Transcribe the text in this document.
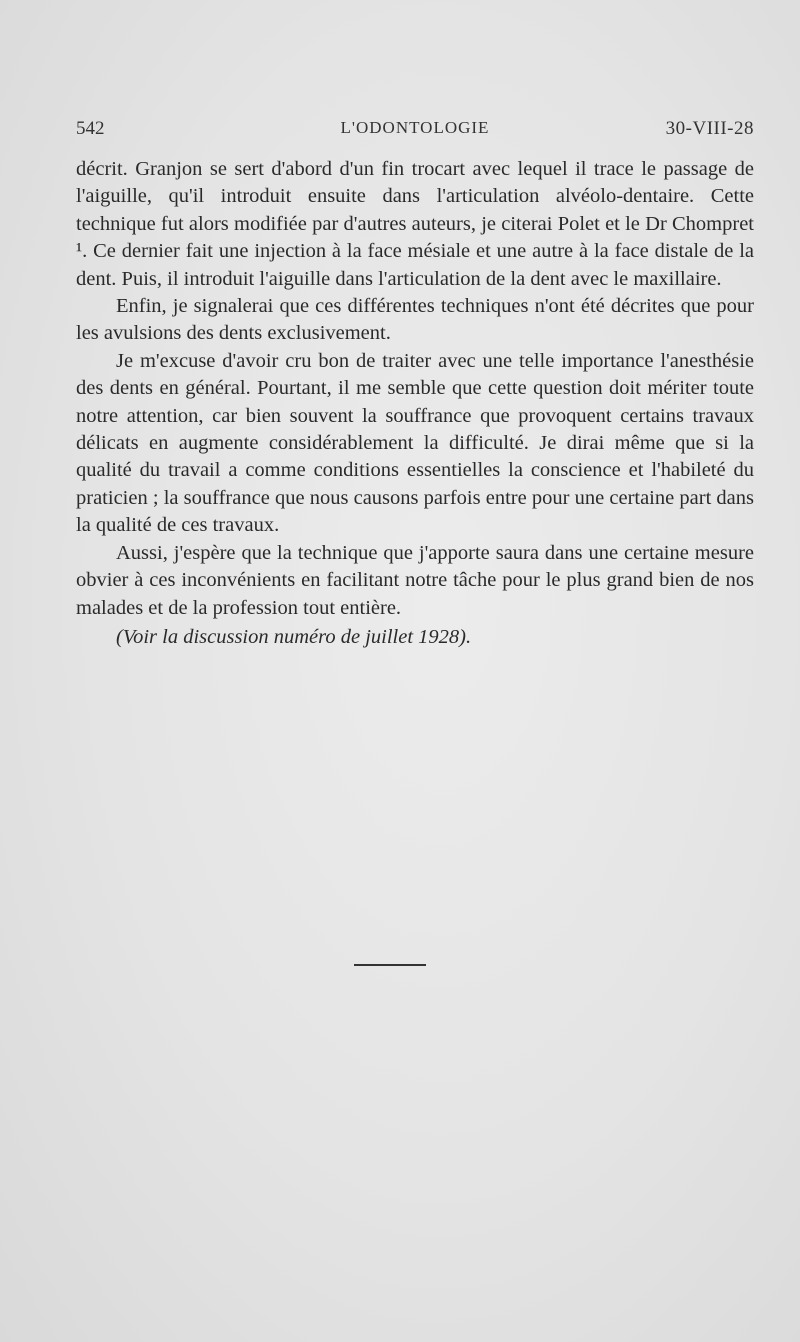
542	L'ODONTOLOGIE	30-VIII-28

décrit. Granjon se sert d'abord d'un fin trocart avec lequel il trace le passage de l'aiguille, qu'il introduit ensuite dans l'articulation alvéolo-dentaire. Cette technique fut alors modifiée par d'autres auteurs, je citerai Polet et le Dr Chompret ¹. Ce dernier fait une injection à la face mésiale et une autre à la face distale de la dent. Puis, il introduit l'aiguille dans l'articulation de la dent avec le maxillaire.

Enfin, je signalerai que ces différentes techniques n'ont été décrites que pour les avulsions des dents exclusivement.

Je m'excuse d'avoir cru bon de traiter avec une telle importance l'anesthésie des dents en général. Pourtant, il me semble que cette question doit mériter toute notre attention, car bien souvent la souffrance que provoquent certains travaux délicats en augmente considérablement la difficulté. Je dirai même que si la qualité du travail a comme conditions essentielles la conscience et l'habileté du praticien ; la souffrance que nous causons parfois entre pour une certaine part dans la qualité de ces travaux.

Aussi, j'espère que la technique que j'apporte saura dans une certaine mesure obvier à ces inconvénients en facilitant notre tâche pour le plus grand bien de nos malades et de la profession tout entière.

(Voir la discussion numéro de juillet 1928).
